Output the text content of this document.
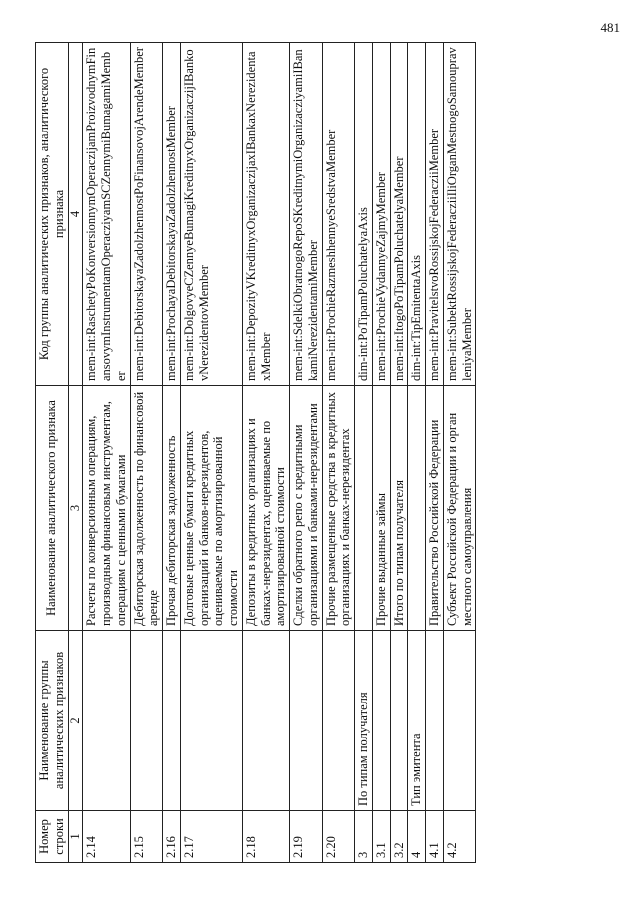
481
Номер строки	Наименование группы аналитических признаков	Наименование аналитического признака	Код группы аналитических признаков, аналитического признака
1	2	3	4
2.14		Расчеты по конверсионным операциям, производным финансовым инструментам, операциям с ценными бумагами	mem-int:RaschetyPoKonversionnymOperaczijamProizvodnymFinansovymInstrumentamOperacziyamSCZennymiBumagamiMember
2.15		Дебиторская задолженность по финансовой аренде	mem-int:DebitorskayaZadolzhennostPoFinansovojArendeMember
2.16		Прочая дебиторская задолженность	mem-int:ProchayaDebitorskayaZadolzhennostMember
2.17		Долговые ценные бумаги кредитных организаций и банков-нерезидентов, оцениваемые по амортизированной стоимости	mem-int:DolgovyeCZennyeBumagiKreditnyxOrganizaczijIBankovNerezidentovMember
2.18		Депозиты в кредитных организациях и банках-нерезидентах, оцениваемые по амортизированной стоимости	mem-int:DepozityVKreditnyxOrganizaczijaxIBankaxNerezidentaxMember
2.19		Сделки обратного репо с кредитными организациями и банками-нерезидентами	mem-int:SdelkiObratnogoRepoSKreditnymiOrganizacziyamiIBankamiNerezidentamiMember
2.20		Прочие размещенные средства в кредитных организациях и банках-нерезидентах	mem-int:ProchieRazmeshhennyeSredstvaMember
3	По типам получателя		dim-int:PoTipamPoluchatelyaAxis
3.1		Прочие выданные займы	mem-int:ProchieVydannyeZajmyMember
3.2		Итого по типам получателя	mem-int:ItogoPoTipamPoluchatelyaMember
4	Тип эмитента		dim-int:TipEmitentaAxis
4.1		Правительство Российской Федерации	mem-int:PravitelstvoRossijskojFederacziiMember
4.2		Субъект Российской Федерации и орган местного самоуправления	mem-int:SubektRossijskojFederacziiIliOrganMestnogoSamoupravleniyaMember
